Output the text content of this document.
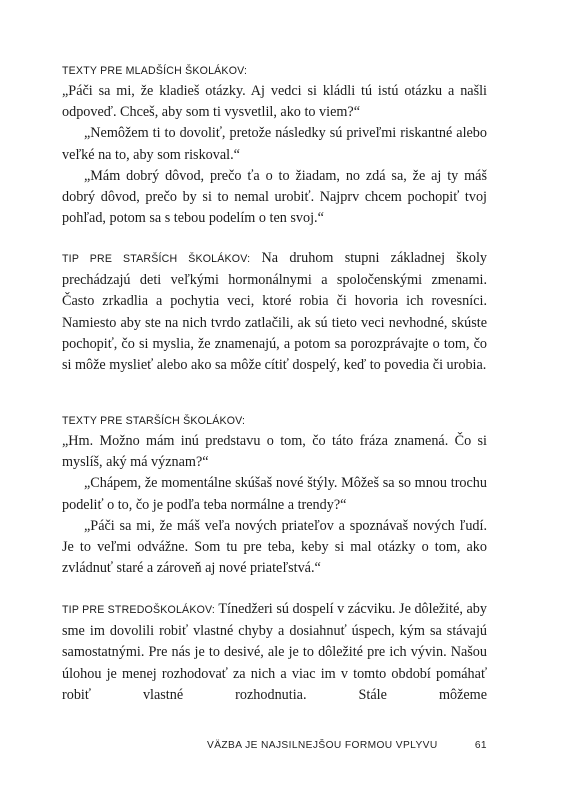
TEXTY PRE MLADŠÍCH ŠKOLÁKOV:

„Páči sa mi, že kladieš otázky. Aj vedci si kládli tú istú otázku a našli odpoveď. Chceš, aby som ti vysvetlil, ako to viem?“

„Nemôžem ti to dovoliť, pretože následky sú priveľmi riskantné alebo veľké na to, aby som riskoval.“

„Mám dobrý dôvod, prečo ťa o to žiadam, no zdá sa, že aj ty máš dobrý dôvod, prečo by si to nemal urobiť. Najprv chcem pochopiť tvoj pohľad, potom sa s tebou podelím o ten svoj.“

TIP PRE STARŠÍCH ŠKOLÁKOV: Na druhom stupni základnej školy prechádzajú deti veľkými hormonálnymi a spoločenskými zmenami. Často zrkadlia a pochytia veci, ktoré robia či hovoria ich rovesníci. Namiesto aby ste na nich tvrdo zatlačili, ak sú tieto veci nevhodné, skúste pochopiť, čo si myslia, že znamenajú, a potom sa porozprávajte o tom, čo si môže myslieť alebo ako sa môže cítiť dospelý, keď to povedia či urobia.

TEXTY PRE STARŠÍCH ŠKOLÁKOV:

„Hm. Možno mám inú predstavu o tom, čo táto fráza znamená. Čo si myslíš, aký má význam?“

„Chápem, že momentálne skúšaš nové štýly. Môžeš sa so mnou trochu podeliť o to, čo je podľa teba normálne a trendy?“

„Páči sa mi, že máš veľa nových priateľov a spoznávaš nových ľudí. Je to veľmi odvážne. Som tu pre teba, keby si mal otázky o tom, ako zvládnuť staré a zároveň aj nové priateľstvá.“

TIP PRE STREDOŠKOLÁKOV: Tínedžeri sú dospelí v zácviku. Je dôležité, aby sme im dovolili robiť vlastné chyby a dosiahnuť úspech, kým sa stávajú samostatnými. Pre nás je to desivé, ale je to dôležité pre ich vývin. Našou úlohou je menej rozhodovať za nich a viac im v tomto období pomáhať robiť vlastné rozhodnutia. Stále môžeme

VÄZBA JE NAJSILNEJŠOU FORMOU VPLYVU	61
